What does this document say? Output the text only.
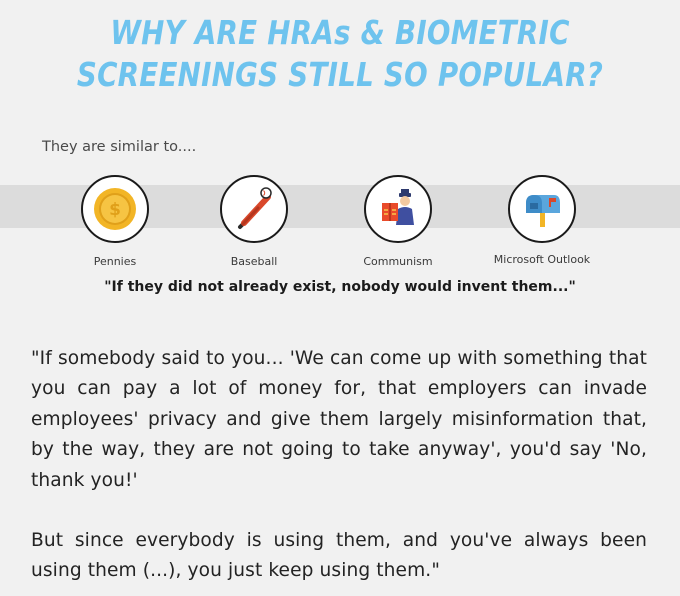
WHY ARE HRAs & BIOMETRIC
SCREENINGS STILL SO POPULAR?

They are similar to....

$
Pennies	Baseball	Communism	Microsoft Outlook

"If they did not already exist, nobody would invent them..."

"If somebody said to you... 'We can come up with something that you can pay a lot of money for, that employers can invade employees' privacy and give them largely misinformation that, by the way, they are not going to take anyway', you'd say 'No, thank you!'

But since everybody is using them, and you've always been using them (...), you just keep using them."
